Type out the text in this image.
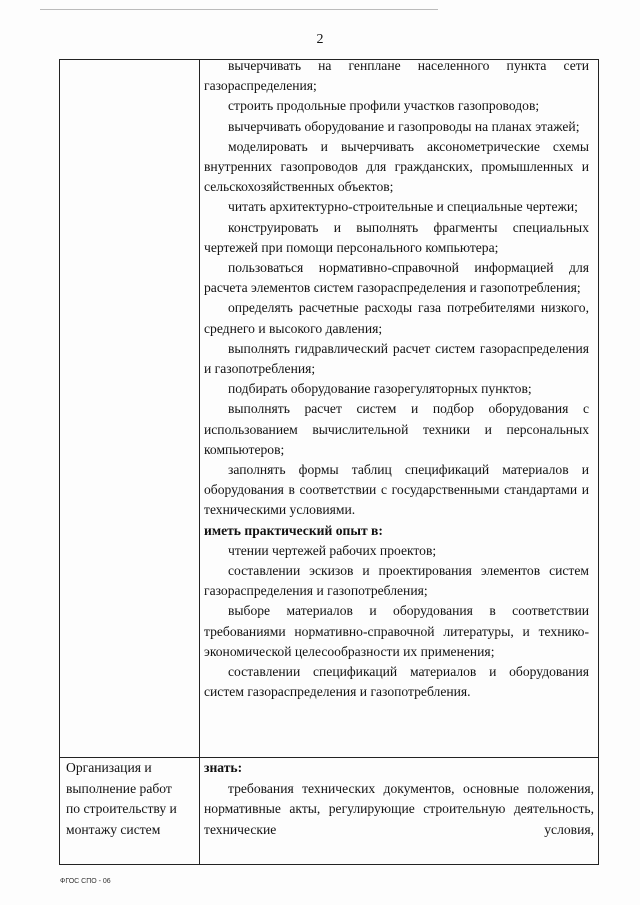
2

вычерчивать на генплане населенного пункта сети газораспределения;

строить продольные профили участков газопроводов;

вычерчивать оборудование и газопроводы на планах этажей;

моделировать и вычерчивать аксонометрические схемы внутренних газопроводов для гражданских, промышленных и сельскохозяйственных объектов;

читать архитектурно-строительные и специальные чертежи;

конструировать и выполнять фрагменты специальных чертежей при помощи персонального компьютера;

пользоваться нормативно-справочной информацией для расчета элементов систем газораспределения и газопотребления;

определять расчетные расходы газа потребителями низкого, среднего и высокого давления;

выполнять гидравлический расчет систем газораспределения и газопотребления;

подбирать оборудование газорегуляторных пунктов;

выполнять расчет систем и подбор оборудования с использованием вычислительной техники и персональных компьютеров;

заполнять формы таблиц спецификаций материалов и оборудования в соответствии с государственными стандартами и техническими условиями.

иметь практический опыт в:

чтении чертежей рабочих проектов;

составлении эскизов и проектирования элементов систем газораспределения и газопотребления;

выборе материалов и оборудования в соответствии требованиями нормативно-справочной литературы, и технико-экономической целесообразности их применения;

составлении спецификаций материалов и оборудования систем газораспределения и газопотребления.

Организация и
выполнение работ
по строительству и
монтажу систем

знать:

требования технических документов, основные положения, нормативные акты, регулирующие строительную деятельность, технические условия,

ФГОС СПО - 06
